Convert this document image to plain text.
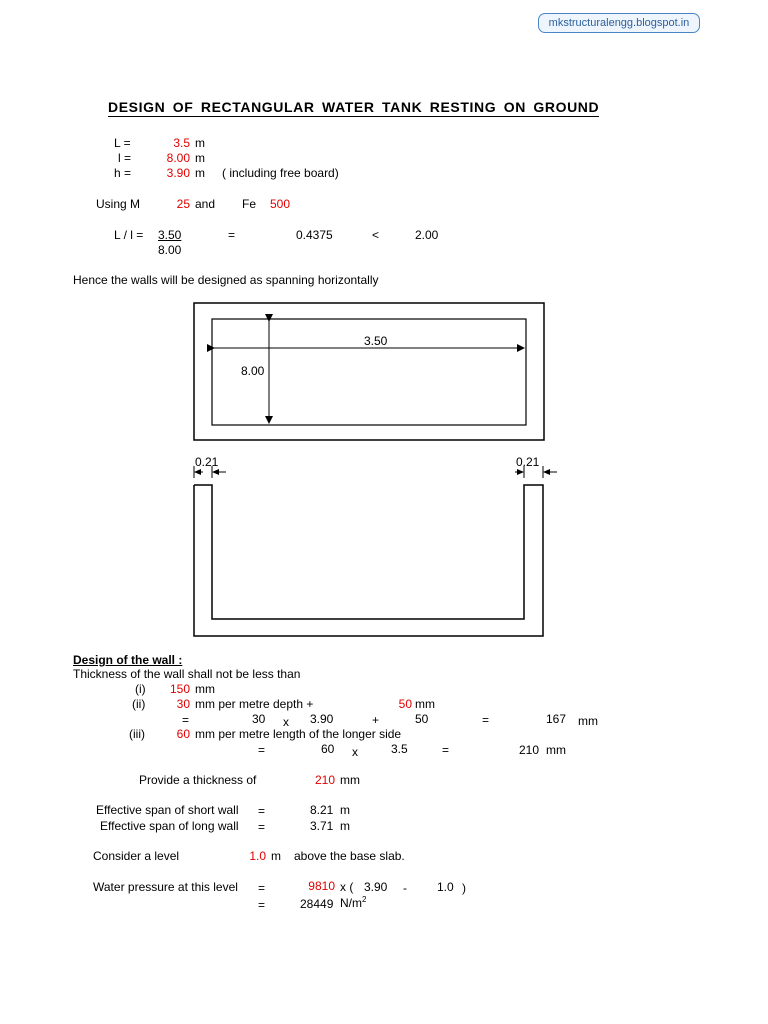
mkstructuralengg.blogspot.in
DESIGN OF RECTANGULAR WATER TANK RESTING ON GROUND
L =	3.5 m
l =	8.00 m
h =	3.90 m ( including free board)
Using M	25 and Fe 500
L / l = 3.50
8.00
=	0.4375	<	2.00
Hence the walls will be designed as spanning horizontally
3.50
8.00
0.21	0.21
Design of the wall :
Thickness of the wall shall not be less than
(i)	150 mm
(ii)	30 mm per metre depth +	50 mm
=	30 x 3.90	+	50	=	167 mm
(iii)	60 mm per metre length of the longer side
=	60 x	3.5	=	210 mm
Provide a thickness of	210 mm
Effective span of short wall =	8.21 m
Effective span of long wall =	3.71 m
Consider a level	1.0 m above the base slab.
Water pressure at this level =	9810 x ( 3.90 -	1.0 )
=	28449 $N/m^2$
